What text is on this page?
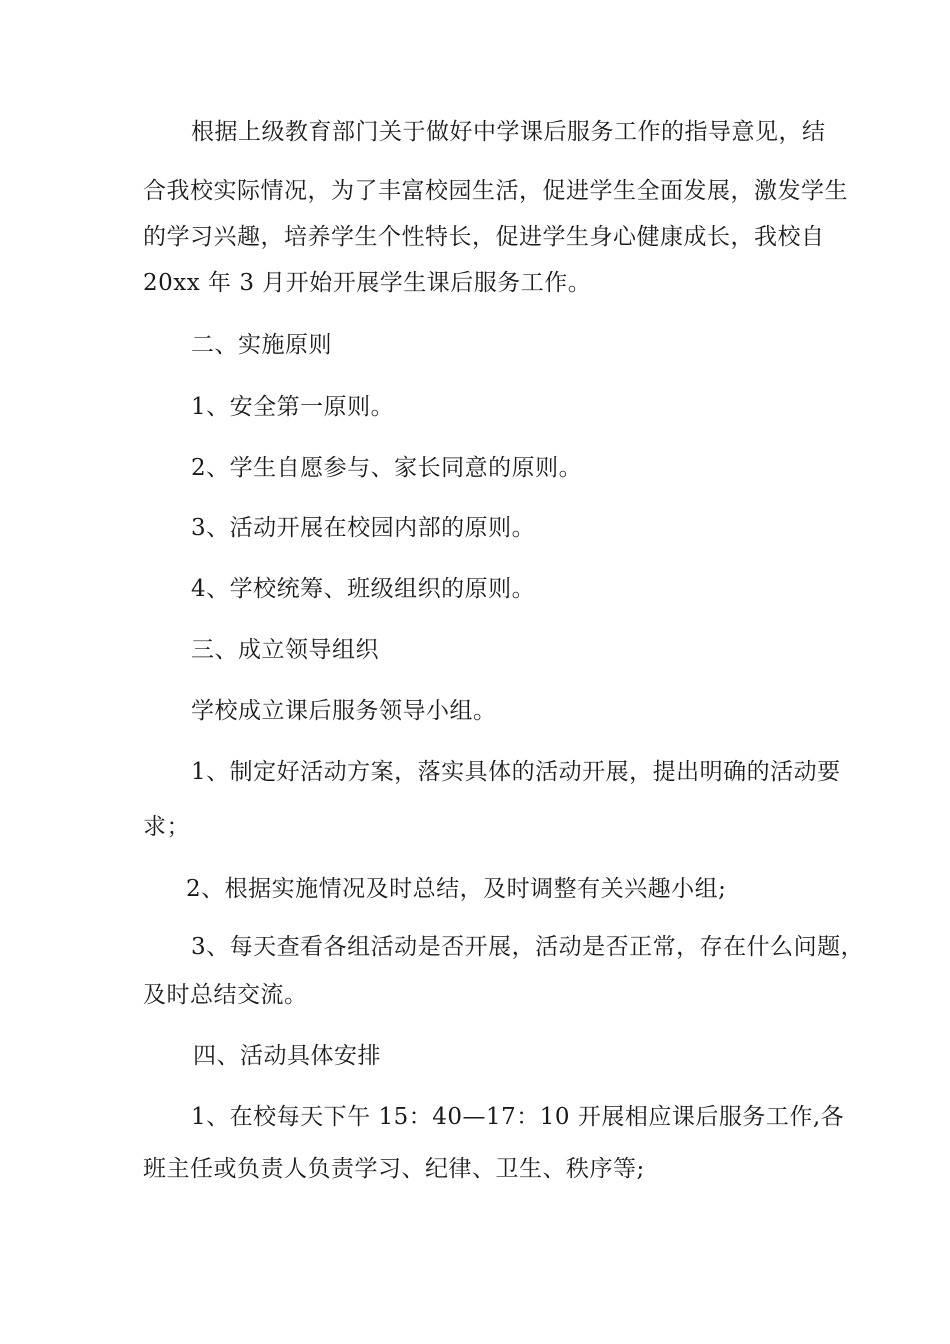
根据上级教育部门关于做好中学课后服务工作的指导意见，结
合我校实际情况，为了丰富校园生活，促进学生全面发展，激发学生
的学习兴趣，培养学生个性特长，促进学生身心健康成长，我校自
20xx 年 3 月开始开展学生课后服务工作。
二、实施原则
1、安全第一原则。
2、学生自愿参与、家长同意的原则。
3、活动开展在校园内部的原则。
4、学校统筹、班级组织的原则。
三、成立领导组织
学校成立课后服务领导小组。
1、制定好活动方案，落实具体的活动开展，提出明确的活动要
求；
2、根据实施情况及时总结，及时调整有关兴趣小组;
3、每天查看各组活动是否开展，活动是否正常，存在什么问题，
及时总结交流。
四、活动具体安排
1、在校每天下午 15：40—17：10 开展相应课后服务工作,各
班主任或负责人负责学习、纪律、卫生、秩序等;
